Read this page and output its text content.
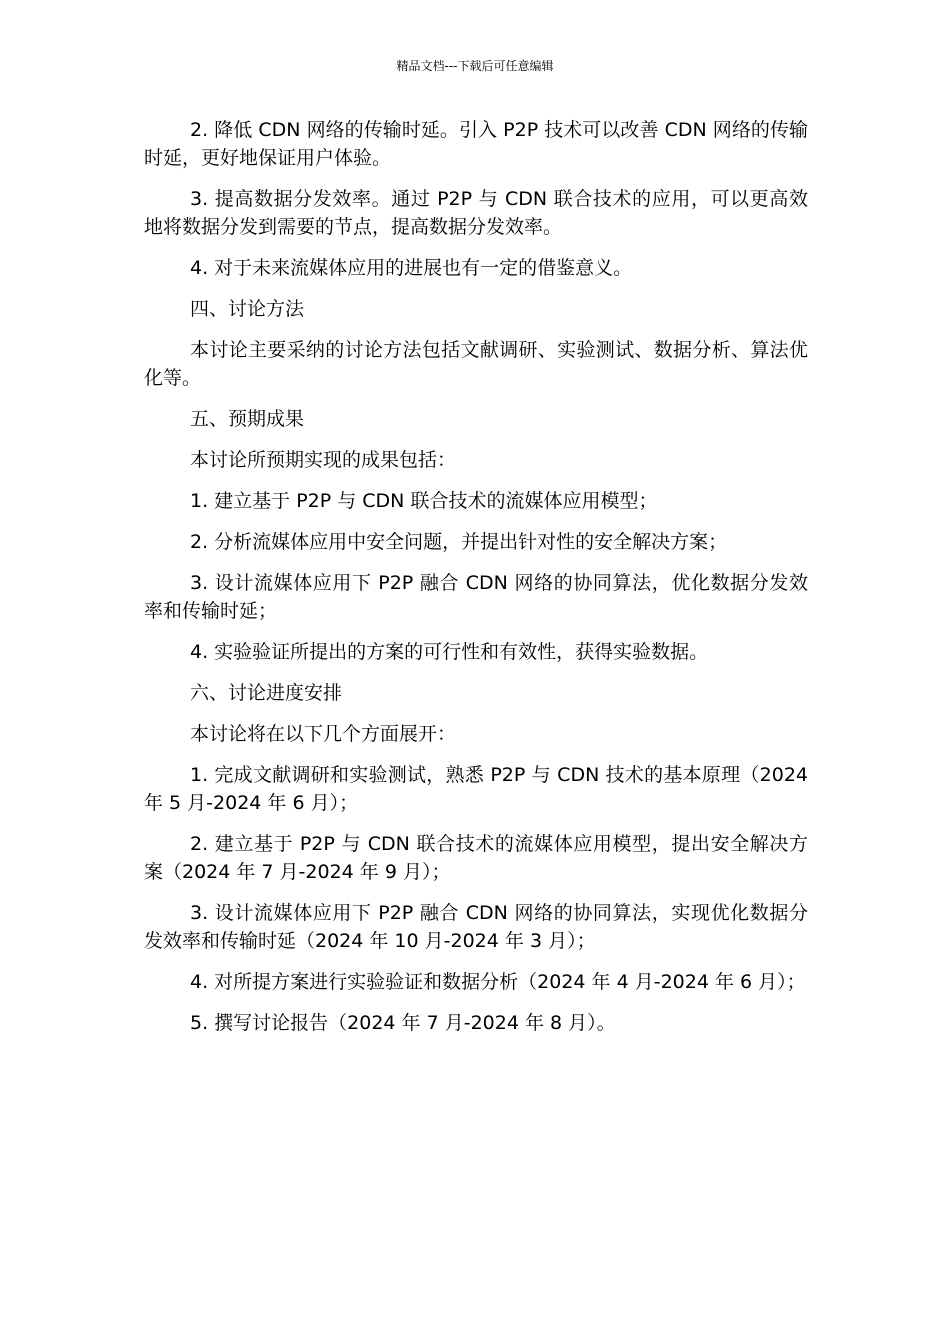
精品文档---下载后可任意编辑

2. 降低 CDN 网络的传输时延。引入 P2P 技术可以改善 CDN 网络的传输时延，更好地保证用户体验。

3. 提高数据分发效率。通过 P2P 与 CDN 联合技术的应用，可以更高效地将数据分发到需要的节点，提高数据分发效率。

4. 对于未来流媒体应用的进展也有一定的借鉴意义。

四、讨论方法

本讨论主要采纳的讨论方法包括文献调研、实验测试、数据分析、算法优化等。

五、预期成果

本讨论所预期实现的成果包括：

1. 建立基于 P2P 与 CDN 联合技术的流媒体应用模型；

2. 分析流媒体应用中安全问题，并提出针对性的安全解决方案；

3. 设计流媒体应用下 P2P 融合 CDN 网络的协同算法，优化数据分发效率和传输时延；

4. 实验验证所提出的方案的可行性和有效性，获得实验数据。

六、讨论进度安排

本讨论将在以下几个方面展开：

1. 完成文献调研和实验测试，熟悉 P2P 与 CDN 技术的基本原理（2024 年 5 月-2024 年 6 月）；

2. 建立基于 P2P 与 CDN 联合技术的流媒体应用模型，提出安全解决方案（2024 年 7 月-2024 年 9 月）；

3. 设计流媒体应用下 P2P 融合 CDN 网络的协同算法，实现优化数据分发效率和传输时延（2024 年 10 月-2024 年 3 月）；

4. 对所提方案进行实验验证和数据分析（2024 年 4 月-2024 年 6 月）；

5. 撰写讨论报告（2024 年 7 月-2024 年 8 月）。
